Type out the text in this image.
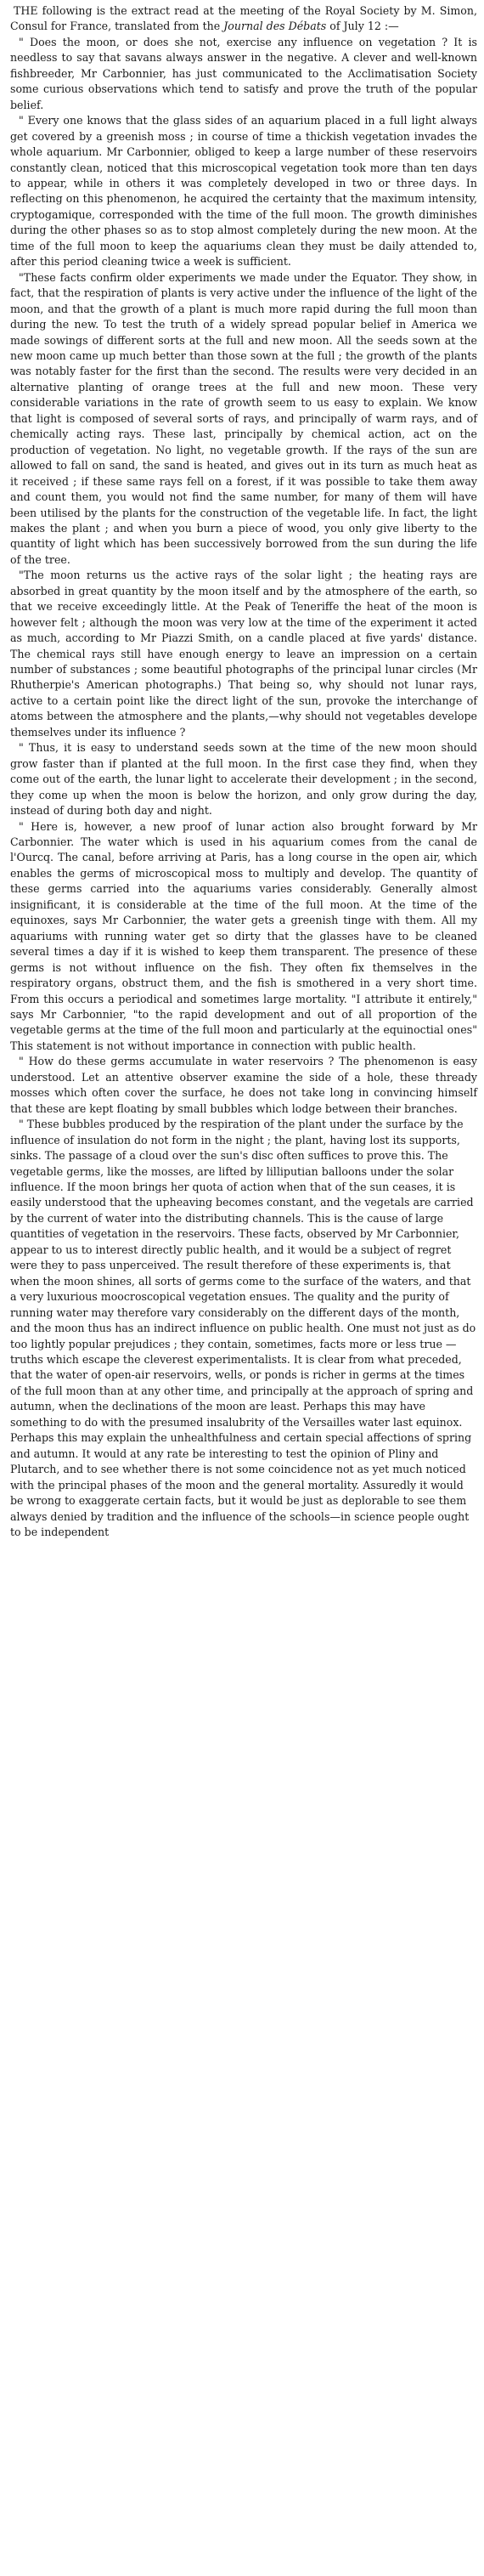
THE following is the extract read at the meeting of the Royal Society by M. Simon, Consul for France, translated from the Journal des Débats of July 12 :—

" Does the moon, or does she not, exercise any influence on vegetation ? It is needless to say that savans always answer in the negative. A clever and well-known fishbreeder, Mr Carbonnier, has just communicated to the Acclimatisation Society some curious observations which tend to satisfy and prove the truth of the popular belief.

" Every one knows that the glass sides of an aquarium placed in a full light always get covered by a greenish moss ; in course of time a thickish vegetation invades the whole aquarium. Mr Carbonnier, obliged to keep a large number of these reservoirs constantly clean, noticed that this microscopical vegetation took more than ten days to appear, while in others it was completely developed in two or three days. In reflecting on this phenomenon, he acquired the certainty that the maximum intensity, cryptogamique, corresponded with the time of the full moon. The growth diminishes during the other phases so as to stop almost completely during the new moon. At the time of the full moon to keep the aquariums clean they must be daily attended to, after this period cleaning twice a week is sufficient.

"These facts confirm older experiments we made under the Equator. They show, in fact, that the respiration of plants is very active under the influence of the light of the moon, and that the growth of a plant is much more rapid during the full moon than during the new. To test the truth of a widely spread popular belief in America we made sowings of different sorts at the full and new moon. All the seeds sown at the new moon came up much better than those sown at the full ; the growth of the plants was notably faster for the first than the second. The results were very decided in an alternative planting of orange trees at the full and new moon. These very considerable variations in the rate of growth seem to us easy to explain. We know that light is composed of several sorts of rays, and principally of warm rays, and of chemically acting rays. These last, principally by chemical action, act on the production of vegetation. No light, no vegetable growth. If the rays of the sun are allowed to fall on sand, the sand is heated, and gives out in its turn as much heat as it received ; if these same rays fell on a forest, if it was possible to take them away and count them, you would not find the same number, for many of them will have been utilised by the plants for the construction of the vegetable life. In fact, the light makes the plant ; and when you burn a piece of wood, you only give liberty to the quantity of light which has been successively borrowed from the sun during the life of the tree.

"The moon returns us the active rays of the solar light ; the heating rays are absorbed in great quantity by the moon itself and by the atmosphere of the earth, so that we receive exceedingly little. At the Peak of Teneriffe the heat of the moon is however felt ; although the moon was very low at the time of the experiment it acted as much, according to Mr Piazzi Smith, on a candle placed at five yards' distance. The chemical rays still have enough energy to leave an impression on a certain number of substances ; some beautiful photographs of the principal lunar circles (Mr Rhutherpie's American photographs.) That being so, why should not lunar rays, active to a certain point like the direct light of the sun, provoke the interchange of atoms between the atmosphere and the plants,—why should not vegetables develope themselves under its influence ?

" Thus, it is easy to understand seeds sown at the time of the new moon should grow faster than if planted at the full moon. In the first case they find, when they come out of the earth, the lunar light to accelerate their development ; in the second, they come up when the moon is below the horizon, and only grow during the day, instead of during both day and night.

" Here is, however, a new proof of lunar action also brought forward by Mr Carbonnier. The water which is used in his aquarium comes from the canal de l'Ourcq. The canal, before arriving at Paris, has a long course in the open air, which enables the germs of microscopical moss to multiply and develop. The quantity of these germs carried into the aquariums varies considerably. Generally almost insignificant, it is considerable at the time of the full moon. At the time of the equinoxes, says Mr Carbonnier, the water gets a greenish tinge with them. All my aquariums with running water get so dirty that the glasses have to be cleaned several times a day if it is wished to keep them transparent. The presence of these germs is not without influence on the fish. They often fix themselves in the respiratory organs, obstruct them, and the fish is smothered in a very short time. From this occurs a periodical and sometimes large mortality. "I attribute it entirely," says Mr Carbonnier, "to the rapid development and out of all proportion of the vegetable germs at the time of the full moon and particularly at the equinoctial ones" This statement is not without importance in connection with public health.

" How do these germs accumulate in water reservoirs ? The phenomenon is easy understood. Let an attentive observer examine the side of a hole, these thready mosses which often cover the surface, he does not take long in convincing himself that these are kept floating by small bubbles which lodge between their branches.

" These bubbles produced by the respiration of the plant under the surface by the influence of insulation do not form in the night ; the plant, having lost its supports, sinks. The passage of a cloud over the sun's disc often suffices to prove this. The vegetable germs, like the mosses, are lifted by lilliputian balloons under the solar influence. If the moon brings her quota of action when that of the sun ceases, it is easily understood that the upheaving becomes constant, and the vegetals are carried by the current of water into the distributing channels. This is the cause of large quantities of vegetation in the reservoirs. These facts, observed by Mr Carbonnier, appear to us to interest directly public health, and it would be a subject of regret were they to pass unperceived. The result therefore of these experiments is, that when the moon shines, all sorts of germs come to the surface of the waters, and that a very luxurious moocroscopical vegetation ensues. The quality and the purity of running water may therefore vary considerably on the different days of the month, and the moon thus has an indirect influence on public health. One must not just as do too lightly popular prejudices ; they contain, sometimes, facts more or less true —truths which escape the cleverest experimentalists. It is clear from what preceded, that the water of open-air reservoirs, wells, or ponds is richer in germs at the times of the full moon than at any other time, and principally at the approach of spring and autumn, when the declinations of the moon are least. Perhaps this may have something to do with the presumed insalubrity of the Versailles water last equinox. Perhaps this may explain the unhealthfulness and certain special affections of spring and autumn. It would at any rate be interesting to test the opinion of Pliny and Plutarch, and to see whether there is not some coincidence not as yet much noticed with the principal phases of the moon and the general mortality. Assuredly it would be wrong to exaggerate certain facts, but it would be just as deplorable to see them always denied by tradition and the influence of the schools—in science people ought to be independent
